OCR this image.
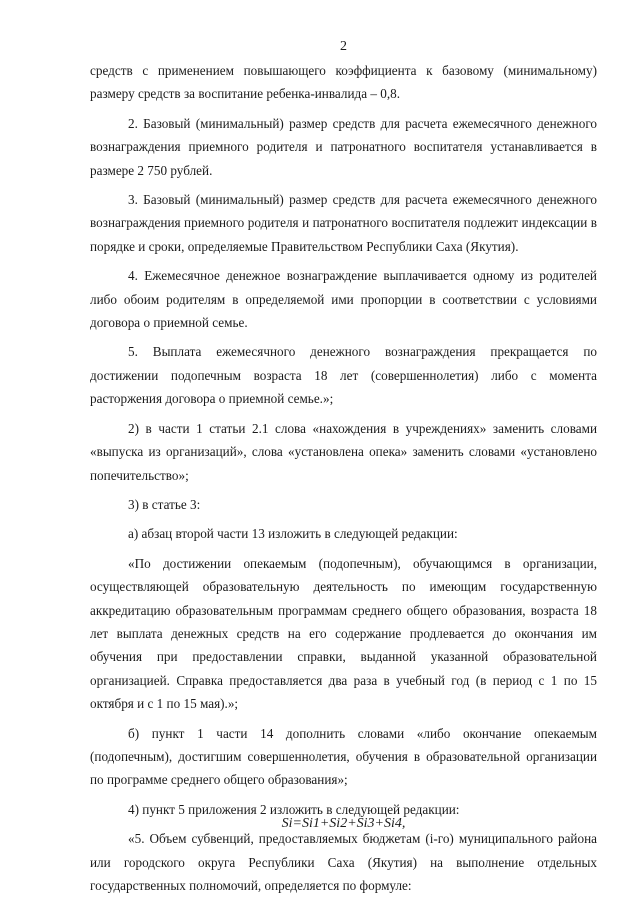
2

средств с применением повышающего коэффициента к базовому (минимальному) размеру средств за воспитание ребенка-инвалида – 0,8.

2. Базовый (минимальный) размер средств для расчета ежемесячного денежного вознаграждения приемного родителя и патронатного воспитателя устанавливается в размере 2 750 рублей.

3. Базовый (минимальный) размер средств для расчета ежемесячного денежного вознаграждения приемного родителя и патронатного воспитателя подлежит индексации в порядке и сроки, определяемые Правительством Республики Саха (Якутия).

4. Ежемесячное денежное вознаграждение выплачивается одному из родителей либо обоим родителям в определяемой ими пропорции в соответствии с условиями договора о приемной семье.

5. Выплата ежемесячного денежного вознаграждения прекращается по достижении подопечным возраста 18 лет (совершеннолетия) либо с момента расторжения договора о приемной семье.»;

2) в части 1 статьи 2.1 слова «нахождения в учреждениях» заменить словами «выпуска из организаций», слова «установлена опека» заменить словами «установлено попечительство»;

3) в статье 3:

а) абзац второй части 13 изложить в следующей редакции:

«По достижении опекаемым (подопечным), обучающимся в организации, осуществляющей образовательную деятельность по имеющим государственную аккредитацию образовательным программам среднего общего образования, возраста 18 лет выплата денежных средств на его содержание продлевается до окончания им обучения при предоставлении справки, выданной указанной образовательной организацией. Справка предоставляется два раза в учебный год (в период с 1 по 15 октября и с 1 по 15 мая).»;

б) пункт 1 части 14 дополнить словами «либо окончание опекаемым (подопечным), достигшим совершеннолетия, обучения в образовательной организации по программе среднего общего образования»;

4) пункт 5 приложения 2 изложить в следующей редакции:

«5. Объем субвенций, предоставляемых бюджетам (i-го) муниципального района или городского округа Республики Саха (Якутия) на выполнение отдельных государственных полномочий, определяется по формуле:

Si=Si1+Si2+Si3+Si4,
